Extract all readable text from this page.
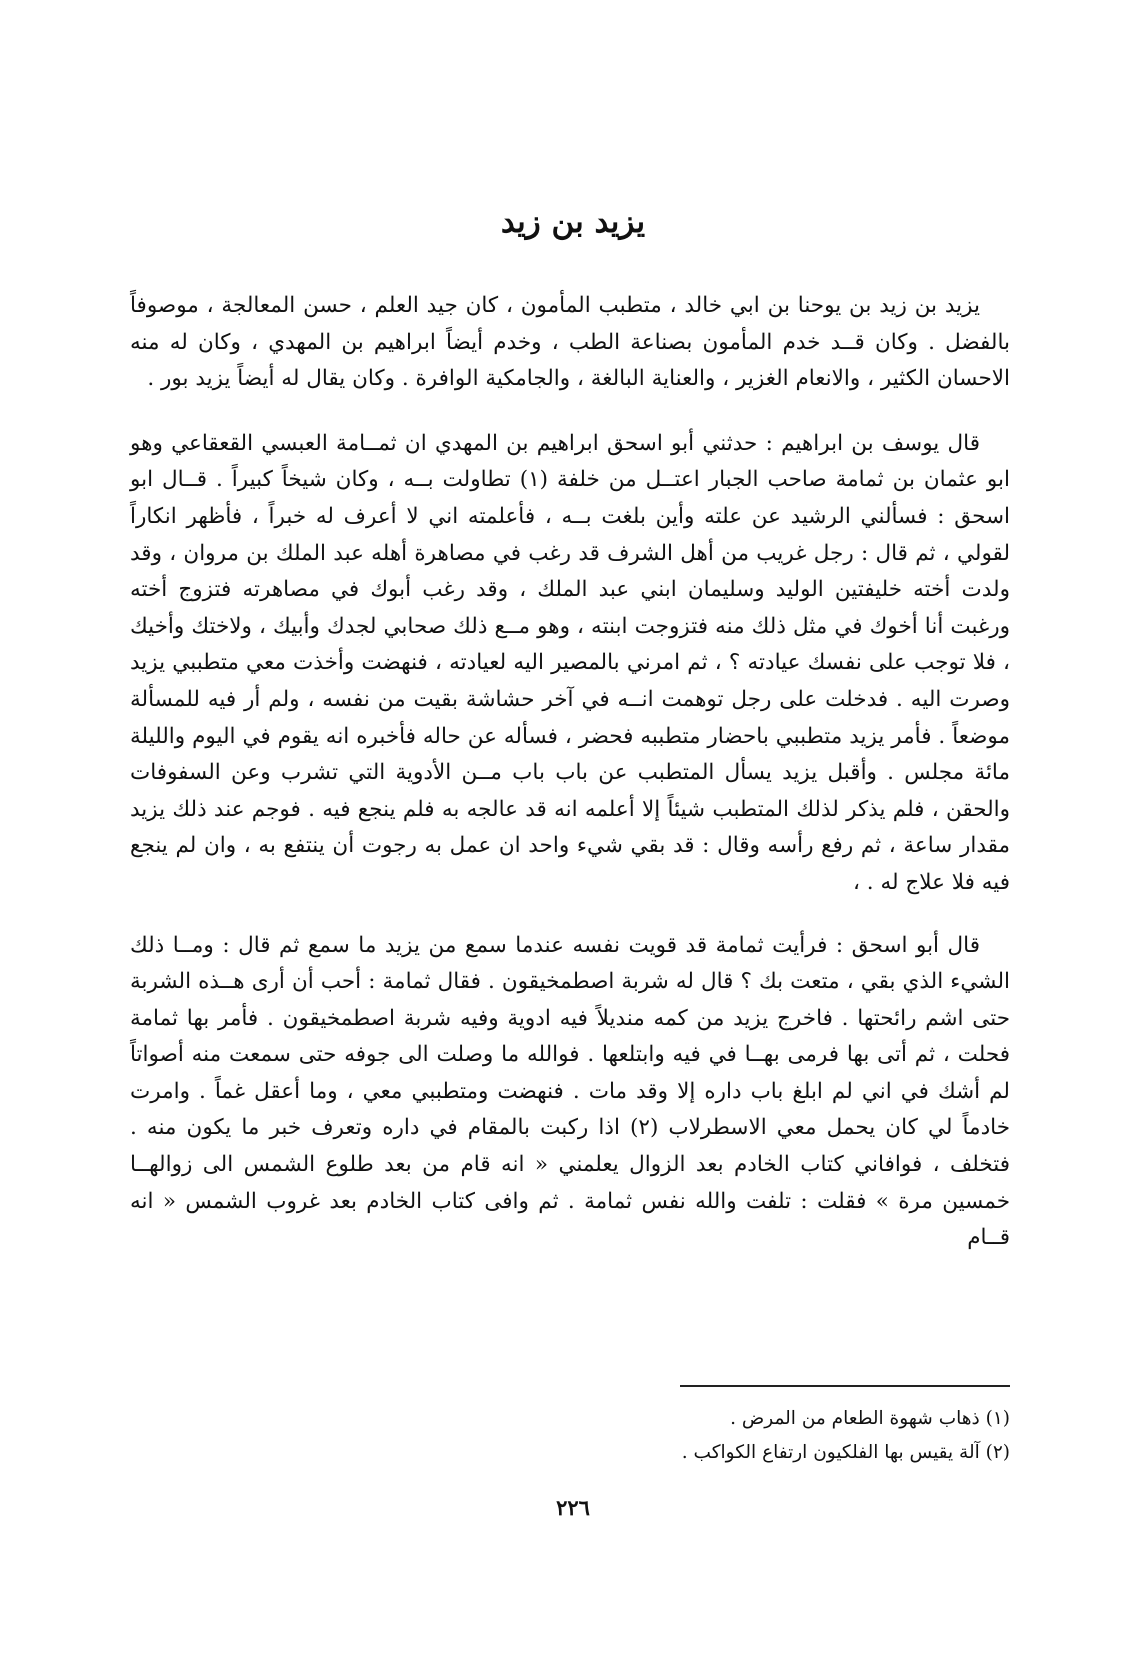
يزيد بن زيد

يزيد بن زيد بن يوحنا بن ابي خالد ، متطبب المأمون ، كان جيد العلم ، حسن المعالجة ، موصوفاً بالفضل . وكان قــد خدم المأمون بصناعة الطب ، وخدم أيضاً ابراهيم بن المهدي ، وكان له منه الاحسان الكثير ، والانعام الغزير ، والعناية البالغة ، والجامكية الوافرة . وكان يقال له أيضاً يزيد بور .

قال يوسف بن ابراهيم : حدثني أبو اسحق ابراهيم بن المهدي ان ثمــامة العبسي القعقاعي وهو ابو عثمان بن ثمامة صاحب الجبار اعتــل من خلفة (١) تطاولت بــه ، وكان شيخاً كبيراً . قــال ابو اسحق : فسألني الرشيد عن علته وأين بلغت بــه ، فأعلمته اني لا أعرف له خبراً ، فأظهر انكاراً لقولي ، ثم قال : رجل غريب من أهل الشرف قد رغب في مصاهرة أهله عبد الملك بن مروان ، وقد ولدت أخته خليفتين الوليد وسليمان ابني عبد الملك ، وقد رغب أبوك في مصاهرته فتزوج أخته ورغبت أنا أخوك في مثل ذلك منه فتزوجت ابنته ، وهو مــع ذلك صحابي لجدك وأبيك ، ولاختك وأخيك ، فلا توجب على نفسك عيادته ؟ ، ثم امرني بالمصير اليه لعيادته ، فنهضت وأخذت معي متطببي يزيد وصرت اليه . فدخلت على رجل توهمت انــه في آخر حشاشة بقيت من نفسه ، ولم أر فيه للمسألة موضعاً . فأمر يزيد متطببي باحضار متطببه فحضر ، فسأله عن حاله فأخبره انه يقوم في اليوم والليلة مائة مجلس . وأقبل يزيد يسأل المتطبب عن باب باب مــن الأدوية التي تشرب وعن السفوفات والحقن ، فلم يذكر لذلك المتطبب شيئاً إلا أعلمه انه قد عالجه به فلم ينجع فيه . فوجم عند ذلك يزيد مقدار ساعة ، ثم رفع رأسه وقال : قد بقي شيء واحد ان عمل به رجوت أن ينتفع به ، وان لم ينجع فيه فلا علاج له . ،

قال أبو اسحق : فرأيت ثمامة قد قويت نفسه عندما سمع من يزيد ما سمع ثم قال : ومــا ذلك الشيء الذي بقي ، متعت بك ؟ قال له شربة اصطمخيقون . فقال ثمامة : أحب أن أرى هــذه الشربة حتى اشم رائحتها . فاخرج يزيد من كمه منديلاً فيه ادوية وفيه شربة اصطمخيقون . فأمر بها ثمامة فحلت ، ثم أتى بها فرمى بهــا في فيه وابتلعها . فوالله ما وصلت الى جوفه حتى سمعت منه أصواتاً لم أشك في اني لم ابلغ باب داره إلا وقد مات . فنهضت ومتطببي معي ، وما أعقل غماً . وامرت خادماً لي كان يحمل معي الاسطرلاب (٢) اذا ركبت بالمقام في داره وتعرف خبر ما يكون منه . فتخلف ، فوافاني كتاب الخادم بعد الزوال يعلمني « انه قام من بعد طلوع الشمس الى زوالهــا خمسين مرة » فقلت : تلفت والله نفس ثمامة . ثم وافى كتاب الخادم بعد غروب الشمس « انه قــام

(١) ذهاب شهوة الطعام من المرض .

(٢) آلة يقيس بها الفلكيون ارتفاع الكواكب .

٢٢٦
